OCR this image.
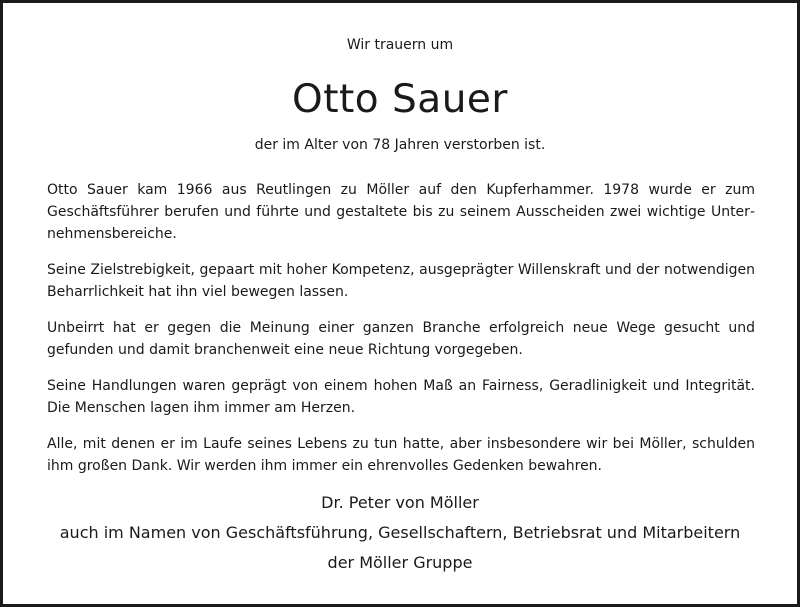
Wir trauern um
Otto Sauer
der im Alter von 78 Jahren verstorben ist.

Otto Sauer kam 1966 aus Reutlingen zu Möller auf den Kupferhammer. 1978 wurde er zum Geschäftsführer berufen und führte und gestaltete bis zu seinem Ausscheiden zwei wichtige Unternehmensbereiche.

Seine Zielstrebigkeit, gepaart mit hoher Kompetenz, ausgeprägter Willenskraft und der notwendigen Beharrlichkeit hat ihn viel bewegen lassen.

Unbeirrt hat er gegen die Meinung einer ganzen Branche erfolgreich neue Wege gesucht und gefunden und damit branchenweit eine neue Richtung vorgegeben.

Seine Handlungen waren geprägt von einem hohen Maß an Fairness, Geradlinigkeit und Integrität. Die Menschen lagen ihm immer am Herzen.

Alle, mit denen er im Laufe seines Lebens zu tun hatte, aber insbesondere wir bei Möller, schulden ihm großen Dank. Wir werden ihm immer ein ehrenvolles Gedenken bewahren.

Dr. Peter von Möller
auch im Namen von Geschäftsführung, Gesellschaftern, Betriebsrat und Mitarbeitern
der Möller Gruppe
